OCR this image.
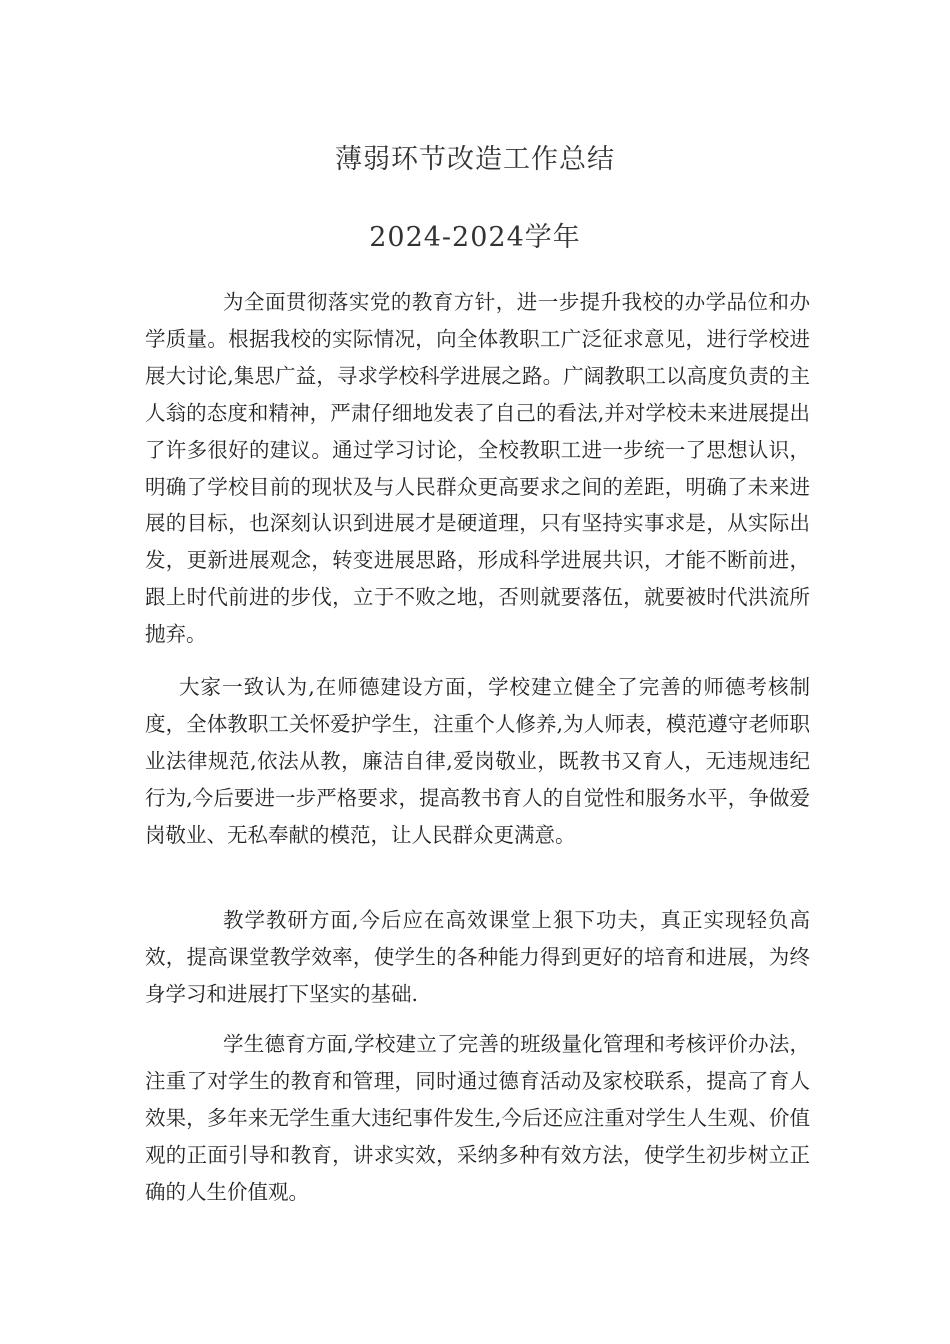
薄弱环节改造工作总结
2024-2024学年

为全面贯彻落实党的教育方针，进一步提升我校的办学品位和办学质量。根据我校的实际情况，向全体教职工广泛征求意见，进行学校进展大讨论,集思广益，寻求学校科学进展之路。广阔教职工以高度负责的主人翁的态度和精神，严肃仔细地发表了自己的看法,并对学校未来进展提出了许多很好的建议。通过学习讨论，全校教职工进一步统一了思想认识，明确了学校目前的现状及与人民群众更高要求之间的差距，明确了未来进展的目标，也深刻认识到进展才是硬道理，只有坚持实事求是，从实际出发，更新进展观念，转变进展思路，形成科学进展共识，才能不断前进，跟上时代前进的步伐，立于不败之地，否则就要落伍，就要被时代洪流所抛弃。

大家一致认为,在师德建设方面，学校建立健全了完善的师德考核制度，全体教职工关怀爱护学生，注重个人修养,为人师表，模范遵守老师职业法律规范,依法从教，廉洁自律,爱岗敬业，既教书又育人，无违规违纪行为,今后要进一步严格要求，提高教书育人的自觉性和服务水平，争做爱岗敬业、无私奉献的模范，让人民群众更满意。

教学教研方面,今后应在高效课堂上狠下功夫，真正实现轻负高效，提高课堂教学效率，使学生的各种能力得到更好的培育和进展，为终身学习和进展打下坚实的基础.

学生德育方面,学校建立了完善的班级量化管理和考核评价办法，注重了对学生的教育和管理，同时通过德育活动及家校联系，提高了育人效果，多年来无学生重大违纪事件发生,今后还应注重对学生人生观、价值观的正面引导和教育，讲求实效，采纳多种有效方法，使学生初步树立正确的人生价值观。
